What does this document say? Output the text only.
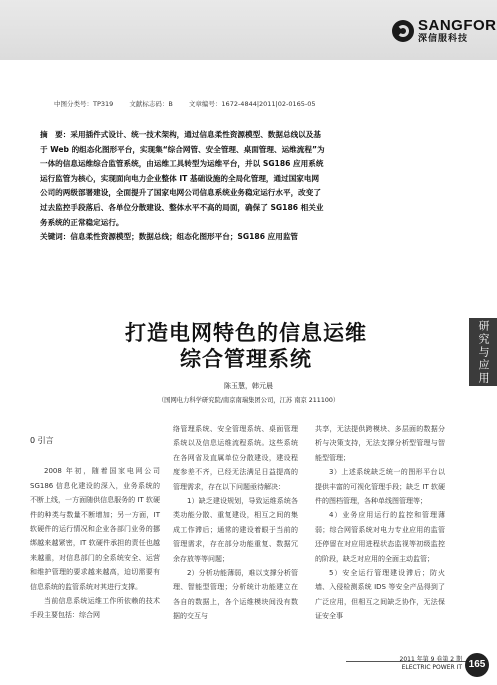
SANGFOR
深信服科技
中图分类号：TP319 文献标志码：B 文章编号：1672-4844|2011|02-0165-05
摘　要：采用插件式设计、统一技术架构，通过信息柔性资源模型、数据总线以及基于 Web 的组态化图形平台，实现集“综合网管、安全管理、桌面管理、运维流程”为一体的信息运维综合监管系统，由运维工具转型为运维平台，并以 SG186 应用系统运行监管为核心，实现面向电力企业整体 IT 基础设施的全局化管理，通过国家电网公司的两级部署建设，全面提升了国家电网公司信息系统业务稳定运行水平，改变了过去监控手段落后、各单位分散建设、整体水平不高的局面，确保了 SG186 相关业务系统的正常稳定运行。
关键词：信息柔性资源模型；数据总线；组态化图形平台；SG186 应用监管
打造电网特色的信息运维
综合管理系统	研究与应用
陈玉慧，韩元晨
（国网电力科学研究院/南京南瑞集团公司，江苏 南京 211100）

0 引言

2008 年初，随着国家电网公司 SG186 信息化建设的深入，业务系统的不断上线，一方面随供信息服务的 IT 软硬件的种类与数量不断增加；另一方面，IT 软硬件的运行情况和企业各部门业务的挪绑越来越紧密，IT 软硬件承担的责任也越来越重，对信息部门的全系统安全、运营和维护管理的要求越来越高，迫切需要有信息系统的监管系统对其进行支撑。

当前信息系统运维工作所依赖的技术手段主要包括：综合网

络管理系统、安全管理系统、桌面管理系统以及信息运维流程系统。这些系统在各网省及直属单位分散建设，建设程度参差不齐，已经无法满足日益提高的管理需求，存在以下问题亟待解决：

1）缺乏建设规划，导致运维系统各类功能分散、重复建设，相互之间的集成工作滞后；通常的建设着眼于当前的管理需求，存在部分功能重复、数据冗余存放等等问题；

2）分析功能薄弱，难以支撑分析管理、智能型管理；分析统计功能建立在各自的数据上，各个运维模块间没有数据的交互与

共享，无法提供跨模块、多层面的数据分析与决策支持，无法支撑分析型管理与智能型管理；

3）上述系统缺乏统一的图形平台以提供丰富的可视化管理手段；缺乏 IT 软硬件的图档管理，各种单线图管理等；

4）业务应用运行的监控和管理薄弱；综合网管系统对电力专业应用的监管还停留在对应用进程状态监视等初级监控的阶段，缺乏对应用的全面主动监管；

5）安全运行管理建设滞后；防火墙、入侵检测系统 IDS 等安全产品得到了广泛应用，但相互之间缺乏协作，无法保证安全事

2011 年第 9 卷第 2 期
ELECTRIC POWER IT 165
